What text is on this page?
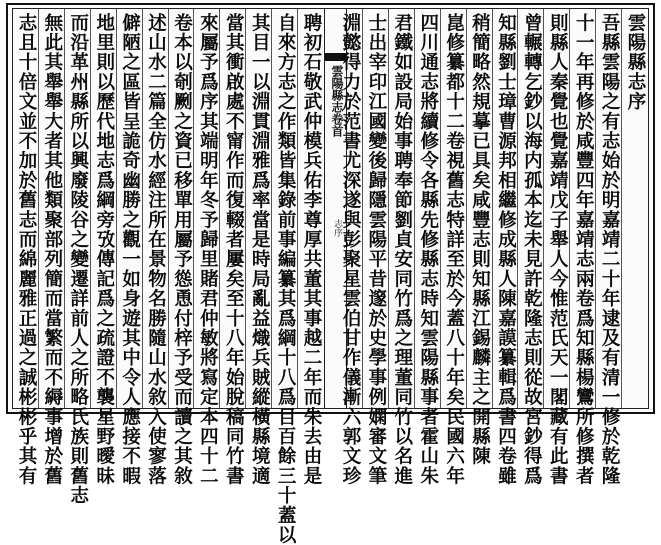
聘初石敬武仲模兵佑李尊厚共董其事越二年而朱去由是
自來方志之作類皆集錄前事編纂其爲綱十八爲目百餘三十蓋以
其目一以淵貫淵雅爲率當是時局亂益熾兵賊縱橫縣境適
當其衝啟處不甯作而復輟者屢矣至十八年始脫稿同竹書
來屬予爲序其端明年冬予歸里賭君仲敏將寫定本四十二
卷本以剞劂之資已移單用屬予慫恿付梓予受而讀之其敘
述山水二篇全仿水經注所在景物名勝隨山水敘入使寥落
僻陋之區皆呈詭奇幽勝之觀一如身遊其中令人應接不暇
地里則以歷代地志爲綱旁攷傳記爲之疏證不襲星野曖昧
而沿革州縣所以興廢陵谷之變遷詳前人之所略氏族則舊志
無此其舉舉大者其他類聚部列簡而當繁而不縟事增於舊
志且十倍文並不加於舊志而綿麗雅正過之誠彬彬乎其有	雲陽縣志卷首
志序
雲陽縣志序
吾縣雲陽之有志始於明嘉靖二十年逮及有清一修於乾隆
十一年再修於咸豐四年嘉靖志兩卷爲知縣楊鸞所修撰者
則縣人秦覺也覺嘉靖戊子舉人今惟范氏天一閣藏有此書
曾輾轉乞鈔以海内孤本迄未見許乾隆志則從故宮鈔得爲
知縣劉士璋曹源邦相繼修成縣人陳嘉謨纂輯爲書四卷雖
稍簡略然規摹已具矣咸豐志則知縣江錫麟主之開縣陳
崑修纂都十二卷視舊志特詳至於今蓋八十年矣民國六年
四川通志將續修令各縣先修縣志時知雲陽縣事者霍山朱
君鐵如設局始事聘奉節劉貞安同竹爲之理董同竹以名進
士出宰印江國變後歸隱雲陽平昔邃於史學事例嫻審文筆
淵懿得力於范書尤深遂與彭聚星雲伯甘作儀漸六郭文珍
